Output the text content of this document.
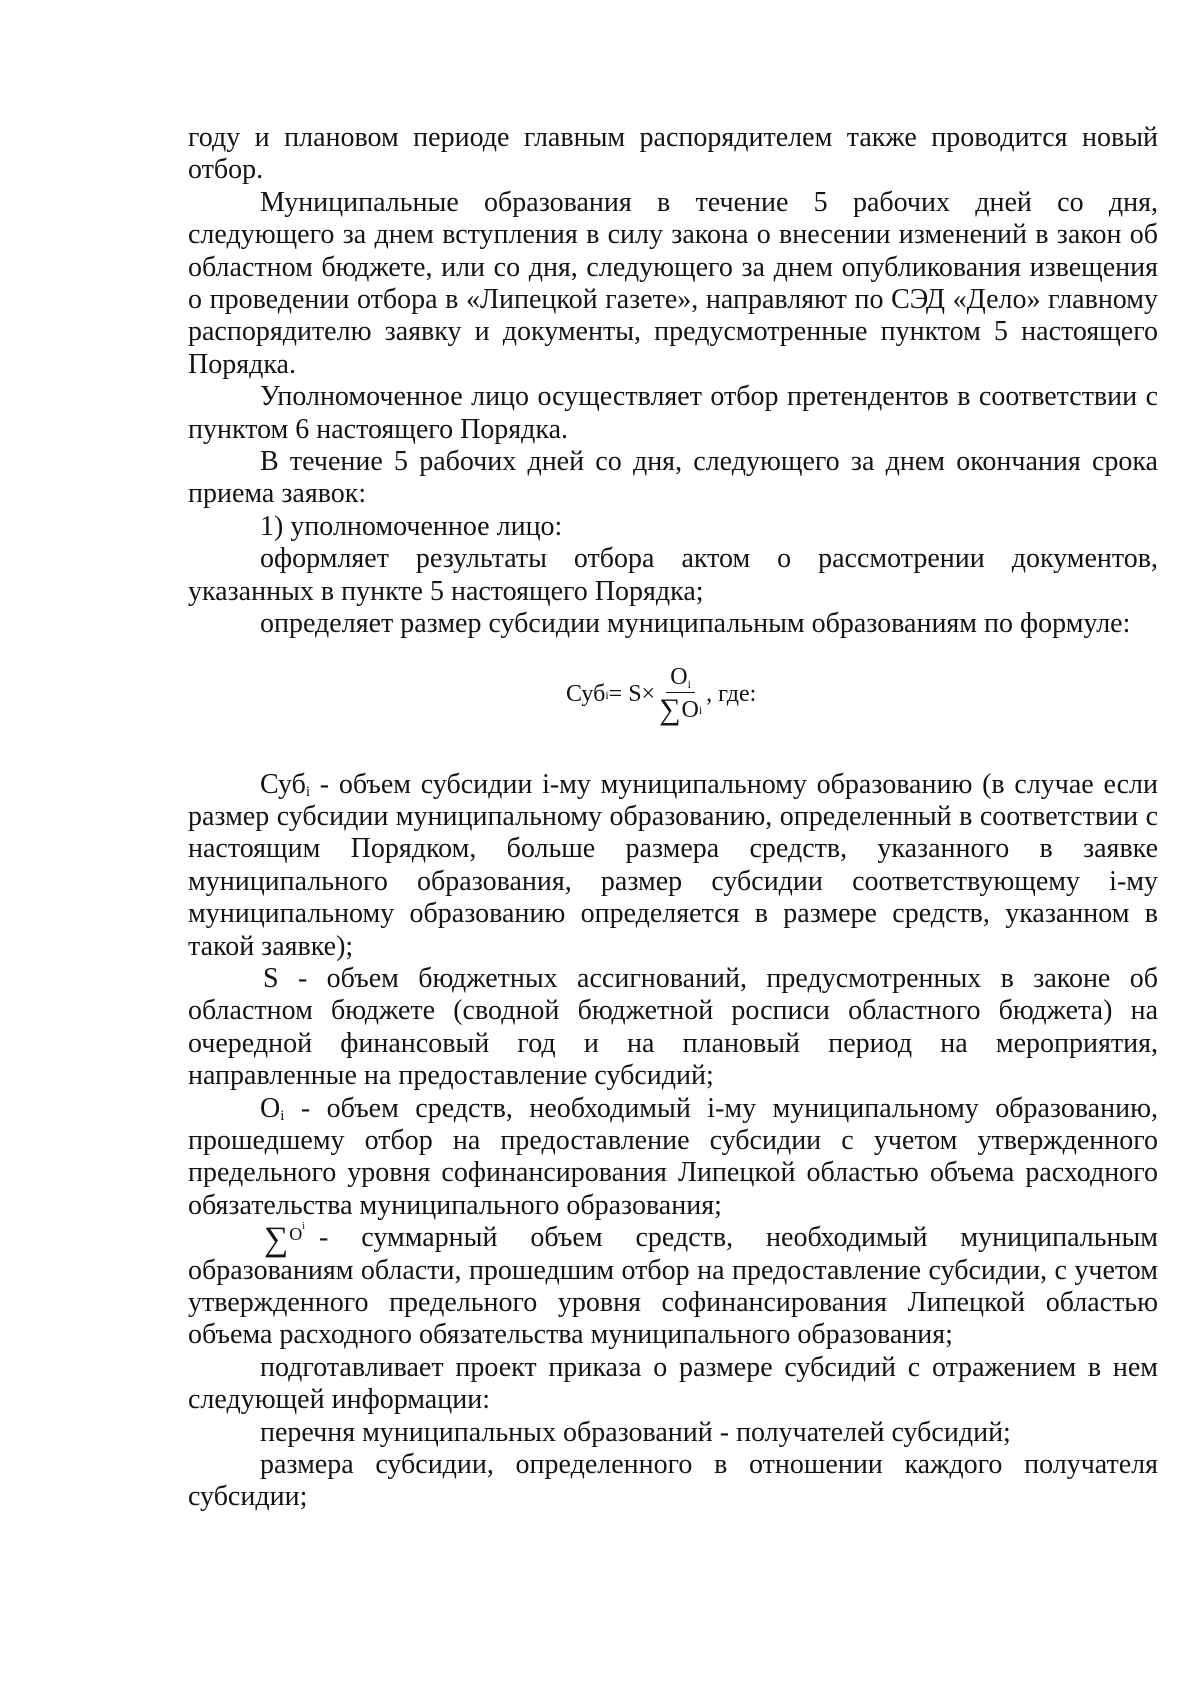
году и плановом периоде главным распорядителем также проводится новый отбор.

Муниципальные образования в течение 5 рабочих дней со дня, следующего за днем вступления в силу закона о внесении изменений в закон об областном бюджете, или со дня, следующего за днем опубликования извещения о проведении отбора в «Липецкой газете», направляют по СЭД «Дело» главному распорядителю заявку и документы, предусмотренные пунктом 5 настоящего Порядка.

Уполномоченное лицо осуществляет отбор претендентов в соответствии с пунктом 6 настоящего Порядка.

В течение 5 рабочих дней со дня, следующего за днем окончания срока приема заявок:

1) уполномоченное лицо:

оформляет результаты отбора актом о рассмотрении документов, указанных в пункте 5 настоящего Порядка;

определяет размер субсидии муниципальным образованиям по формуле:

Суб $i = S\times \frac{O_i}{\text{∑ O i}}$ , где:

Суб$_i$ - объем субсидии i-му муниципальному образованию (в случае если размер субсидии муниципальному образованию, определенный в соответствии с настоящим Порядком, больше размера средств, указанного в заявке муниципального образования, размер субсидии соответствующему i-му муниципальному образованию определяется в размере средств, указанном в такой заявке);

S - объем бюджетных ассигнований, предусмотренных в законе об областном бюджете (сводной бюджетной росписи областного бюджета) на очередной финансовый год и на плановый период на мероприятия, направленные на предоставление субсидий;

$O_i$ - объем средств, необходимый i-му муниципальному образованию, прошедшему отбор на предоставление субсидии с учетом утвержденного предельного уровня софинансирования Липецкой областью объема расходного обязательства муниципального образования;

∑ O i - суммарный объем средств, необходимый муниципальным образованиям области, прошедшим отбор на предоставление субсидии, с учетом утвержденного предельного уровня софинансирования Липецкой областью объема расходного обязательства муниципального образования;

подготавливает проект приказа о размере субсидий с отражением в нем следующей информации:

перечня муниципальных образований - получателей субсидий;

размера субсидии, определенного в отношении каждого получателя субсидии;
